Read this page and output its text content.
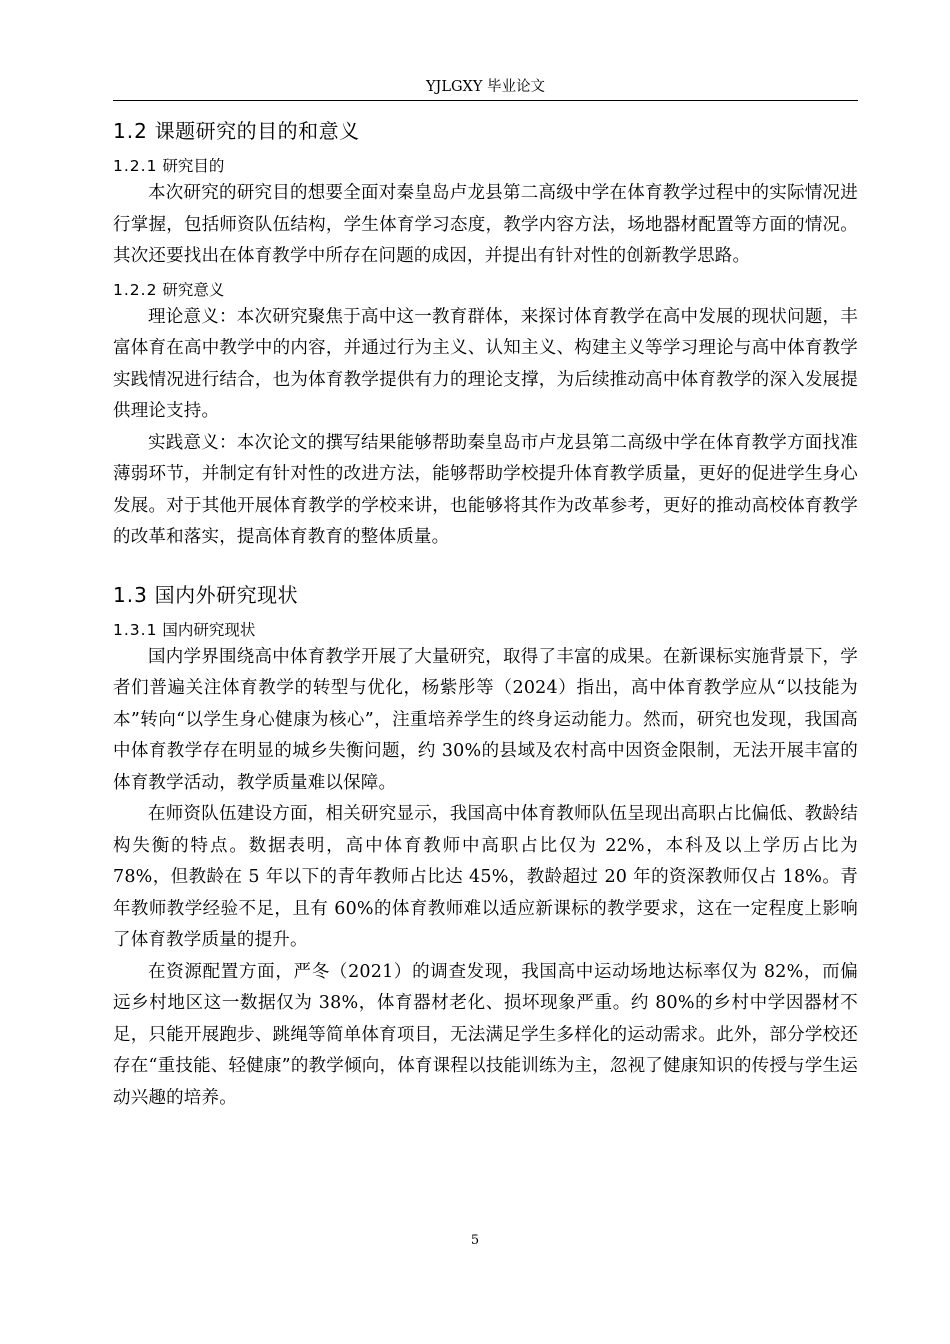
YJLGXY 毕业论文
1.2 课题研究的目的和意义
1.2.1 研究目的

本次研究的研究目的想要全面对秦皇岛卢龙县第二高级中学在体育教学过程中的实际情况进行掌握，包括师资队伍结构，学生体育学习态度，教学内容方法，场地器材配置等方面的情况。其次还要找出在体育教学中所存在问题的成因，并提出有针对性的创新教学思路。

1.2.2 研究意义

理论意义：本次研究聚焦于高中这一教育群体，来探讨体育教学在高中发展的现状问题，丰富体育在高中教学中的内容，并通过行为主义、认知主义、构建主义等学习理论与高中体育教学实践情况进行结合，也为体育教学提供有力的理论支撑，为后续推动高中体育教学的深入发展提供理论支持。

实践意义：本次论文的撰写结果能够帮助秦皇岛市卢龙县第二高级中学在体育教学方面找准薄弱环节，并制定有针对性的改进方法，能够帮助学校提升体育教学质量，更好的促进学生身心发展。对于其他开展体育教学的学校来讲，也能够将其作为改革参考，更好的推动高校体育教学的改革和落实，提高体育教育的整体质量。

1.3 国内外研究现状
1.3.1 国内研究现状

国内学界围绕高中体育教学开展了大量研究，取得了丰富的成果。在新课标实施背景下，学者们普遍关注体育教学的转型与优化，杨紫彤等（2024）指出，高中体育教学应从“以技能为本”转向“以学生身心健康为核心”，注重培养学生的终身运动能力。然而，研究也发现，我国高中体育教学存在明显的城乡失衡问题，约 30%的县域及农村高中因资金限制，无法开展丰富的体育教学活动，教学质量难以保障。

在师资队伍建设方面，相关研究显示，我国高中体育教师队伍呈现出高职占比偏低、教龄结构失衡的特点。数据表明，高中体育教师中高职占比仅为 22%，本科及以上学历占比为 78%，但教龄在 5 年以下的青年教师占比达 45%，教龄超过 20 年的资深教师仅占 18%。青年教师教学经验不足，且有 60%的体育教师难以适应新课标的教学要求，这在一定程度上影响了体育教学质量的提升。

在资源配置方面，严冬（2021）的调查发现，我国高中运动场地达标率仅为 82%，而偏远乡村地区这一数据仅为 38%，体育器材老化、损坏现象严重。约 80%的乡村中学因器材不足，只能开展跑步、跳绳等简单体育项目，无法满足学生多样化的运动需求。此外，部分学校还存在“重技能、轻健康”的教学倾向，体育课程以技能训练为主，忽视了健康知识的传授与学生运动兴趣的培养。

5
